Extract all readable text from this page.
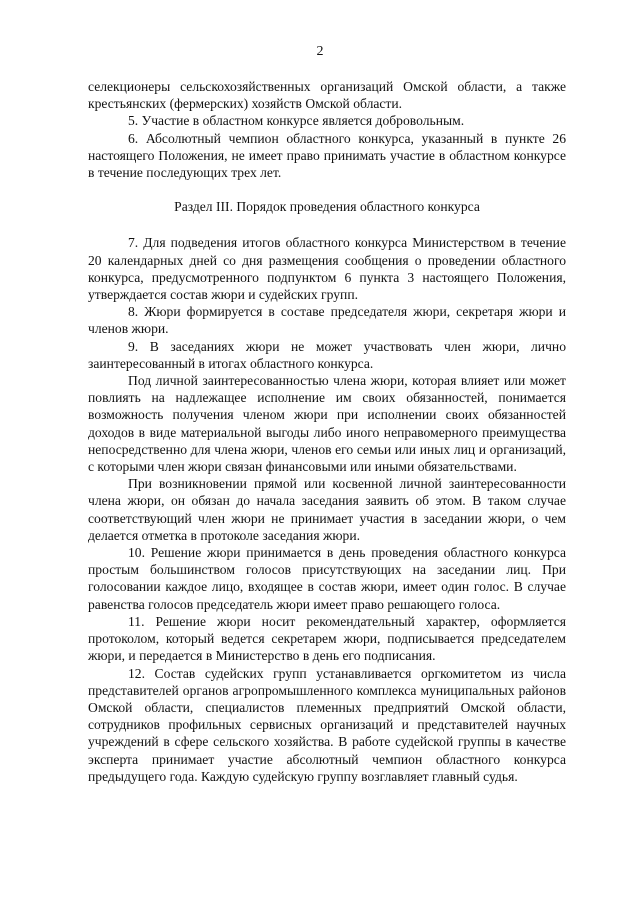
2

селекционеры сельскохозяйственных организаций Омской области, а также крестьянских (фермерских) хозяйств Омской области.

5. Участие в областном конкурсе является добровольным.

6. Абсолютный чемпион областного конкурса, указанный в пункте 26 настоящего Положения, не имеет право принимать участие в областном конкурсе в течение последующих трех лет.

Раздел III. Порядок проведения областного конкурса

7. Для подведения итогов областного конкурса Министерством в течение 20 календарных дней со дня размещения сообщения о проведении областного конкурса, предусмотренного подпунктом 6 пункта 3 настоящего Положения, утверждается состав жюри и судейских групп.

8. Жюри формируется в составе председателя жюри, секретаря жюри и членов жюри.

9. В заседаниях жюри не может участвовать член жюри, лично заинтересованный в итогах областного конкурса.

Под личной заинтересованностью члена жюри, которая влияет или может повлиять на надлежащее исполнение им своих обязанностей, понимается возможность получения членом жюри при исполнении своих обязанностей доходов в виде материальной выгоды либо иного неправомерного преимущества непосредственно для члена жюри, членов его семьи или иных лиц и организаций, с которыми член жюри связан финансовыми или иными обязательствами.

При возникновении прямой или косвенной личной заинтересованности члена жюри, он обязан до начала заседания заявить об этом. В таком случае соответствующий член жюри не принимает участия в заседании жюри, о чем делается отметка в протоколе заседания жюри.

10. Решение жюри принимается в день проведения областного конкурса простым большинством голосов присутствующих на заседании лиц. При голосовании каждое лицо, входящее в состав жюри, имеет один голос. В случае равенства голосов председатель жюри имеет право решающего голоса.

11. Решение жюри носит рекомендательный характер, оформляется протоколом, который ведется секретарем жюри, подписывается председателем жюри, и передается в Министерство в день его подписания.

12. Состав судейских групп устанавливается оргкомитетом из числа представителей органов агропромышленного комплекса муниципальных районов Омской области, специалистов племенных предприятий Омской области, сотрудников профильных сервисных организаций и представителей научных учреждений в сфере сельского хозяйства. В работе судейской группы в качестве эксперта принимает участие абсолютный чемпион областного конкурса предыдущего года. Каждую судейскую группу возглавляет главный судья.
